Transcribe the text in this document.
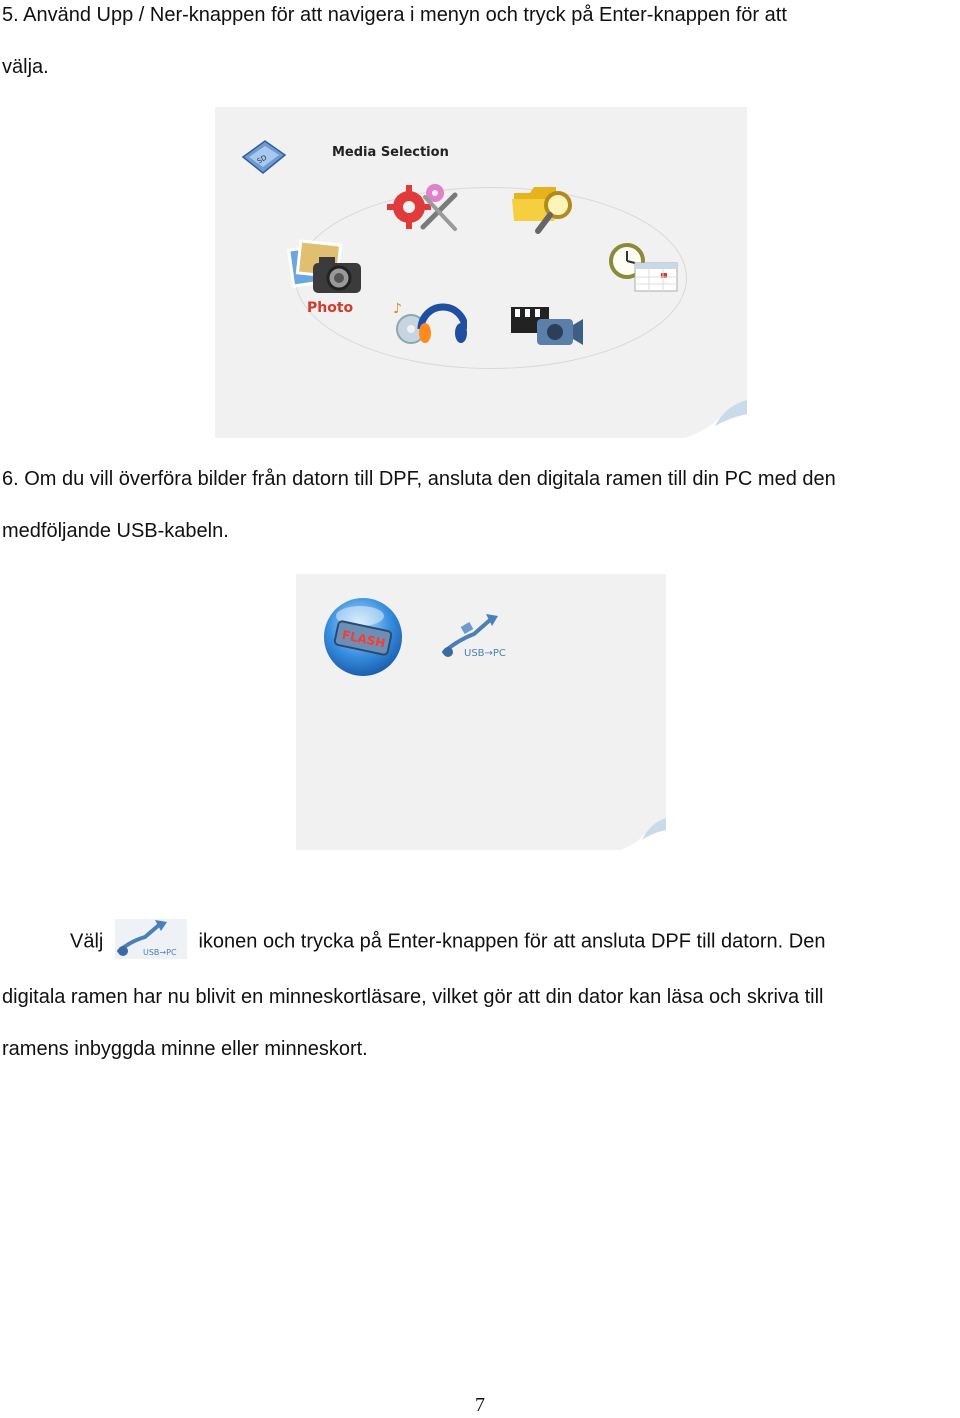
5. Använd Upp / Ner-knappen för att navigera i menyn och tryck på Enter-knappen för att

välja.

SD	Media Selection
Photo	♪

6. Om du vill överföra bilder från datorn till DPF, ansluta den digitala ramen till din PC med den

medföljande USB-kabeln.

FLASH
USB→PC

Välj
USB→PC
ikonen och trycka på Enter-knappen för att ansluta DPF till datorn. Den

digitala ramen har nu blivit en minneskortläsare, vilket gör att din dator kan läsa och skriva till

ramens inbyggda minne eller minneskort.

7
